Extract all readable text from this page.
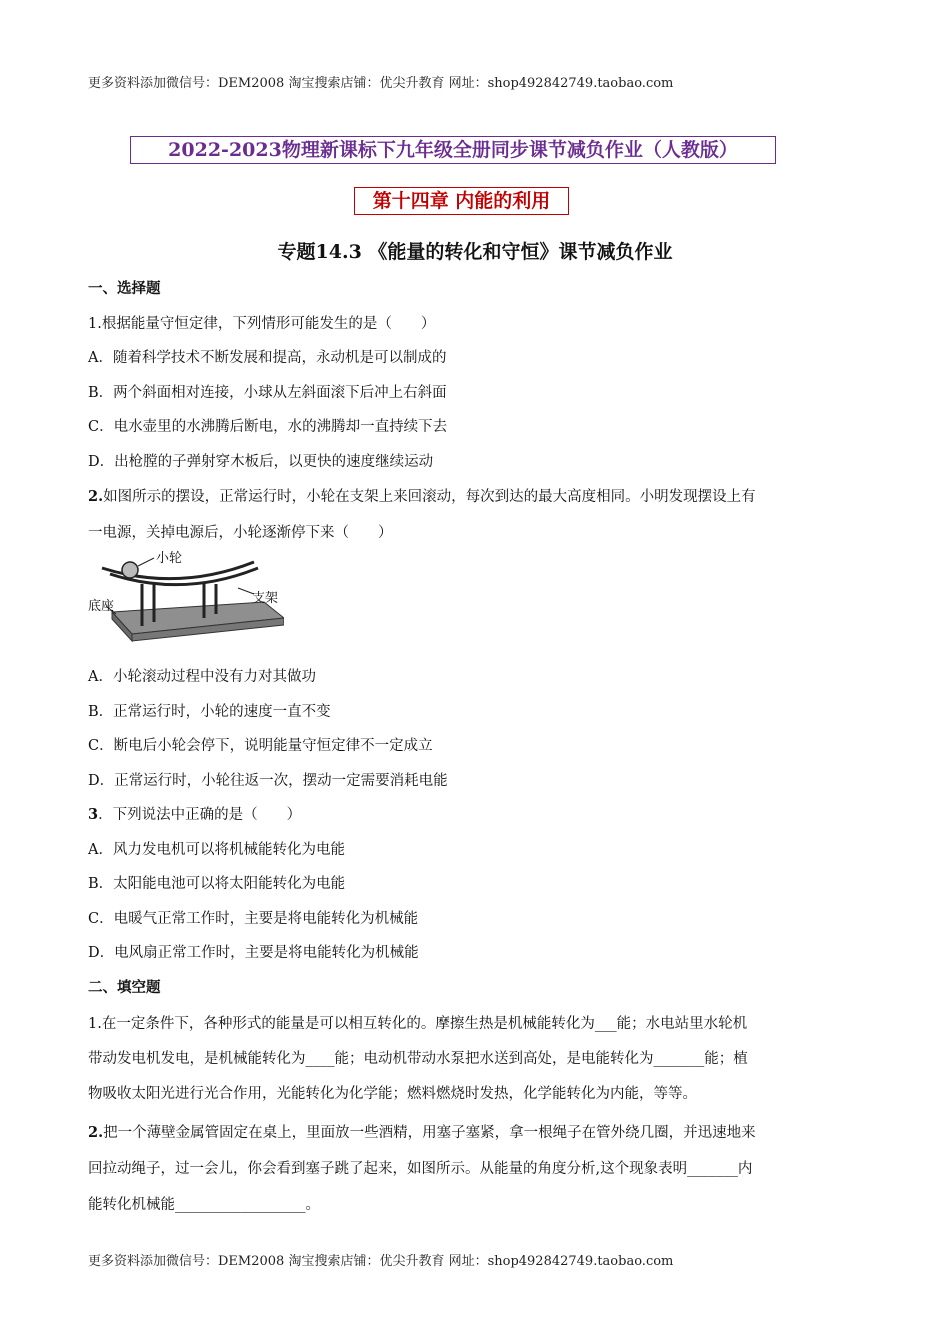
更多资料添加微信号：DEM2008 淘宝搜索店铺：优尖升教育 网址：shop492842749.taobao.com
2022-2023物理新课标下九年级全册同步课节减负作业（人教版）
第十四章 内能的利用
专题14.3 《能量的转化和守恒》课节减负作业
一、选择题
1.根据能量守恒定律，下列情形可能发生的是（　　）
A．随着科学技术不断发展和提高，永动机是可以制成的
B．两个斜面相对连接，小球从左斜面滚下后冲上右斜面
C．电水壶里的水沸腾后断电，水的沸腾却一直持续下去
D．出枪膛的子弹射穿木板后，以更快的速度继续运动
2.如图所示的摆设，正常运行时，小轮在支架上来回滚动，每次到达的最大高度相同。小明发现摆设上有
一电源，关掉电源后，小轮逐渐停下来（　　）
小轮
底座
支架
A．小轮滚动过程中没有力对其做功
B．正常运行时，小轮的速度一直不变
C．断电后小轮会停下，说明能量守恒定律不一定成立
D．正常运行时，小轮往返一次，摆动一定需要消耗电能
3．下列说法中正确的是（　　）
A．风力发电机可以将机械能转化为电能
B．太阳能电池可以将太阳能转化为电能
C．电暖气正常工作时，主要是将电能转化为机械能
D．电风扇正常工作时，主要是将电能转化为机械能
二、填空题
1.在一定条件下，各种形式的能量是可以相互转化的。摩擦生热是机械能转化为___能；水电站里水轮机
带动发电机发电，是机械能转化为____能；电动机带动水泵把水送到高处，是电能转化为_______能；植
物吸收太阳光进行光合作用，光能转化为化学能；燃料燃烧时发热，化学能转化为内能，等等。
2.把一个薄壁金属管固定在桌上，里面放一些酒精，用塞子塞紧，拿一根绳子在管外绕几圈，并迅速地来
回拉动绳子，过一会儿，你会看到塞子跳了起来，如图所示。从能量的角度分析,这个现象表明_______内
能转化机械能__________________。
更多资料添加微信号：DEM2008 淘宝搜索店铺：优尖升教育 网址：shop492842749.taobao.com
